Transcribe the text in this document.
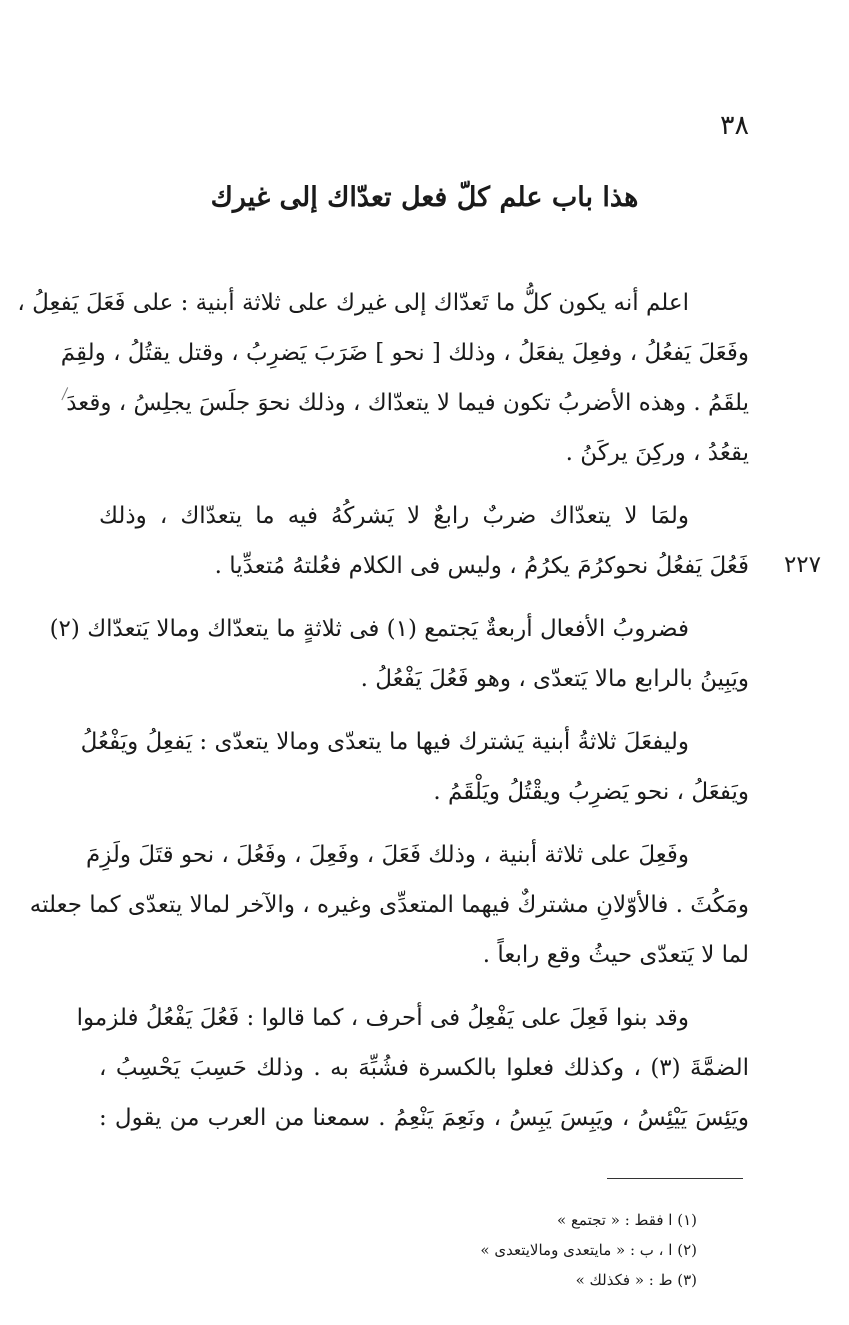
٣٨
هذا باب علم كلّ فعل تعدّاك إلى غيرك
٢٢٧

اعلم أنه يكون كلُّ ما تَعدّاك إلى غيرك على ثلاثة أبنية : على فَعَلَ يَفعِلُ ،
وفَعَلَ يَفعُلُ ، وفعِلَ يفعَلُ ، وذلك [ نحو ] ضَرَبَ يَضرِبُ ، وقتل يقتُلُ ، ولقِمَ
يلقَمُ . وهذه الأضربُ تكون فيما لا يتعدّاك ، وذلك نحوَ جلَسَ يجلِسُ ، وقعدَ
يقعُدُ ، وركِنَ يركَنُ .

ولمَا لا يتعدّاك ضربٌ رابعٌ لا يَشركُهُ فيه ما يتعدّاك ، وذلك
فَعُلَ يَفعُلُ نحوكرُمَ يكرُمُ ، وليس فى الكلام فعُلتهُ مُتعدِّيا .

فضروبُ الأفعال أربعةٌ يَجتمع (١) فى ثلاثةٍ ما يتعدّاك ومالا يَتعدّاك (٢)
ويَبِينُ بالرابع مالا يَتعدّى ، وهو فَعُلَ يَفْعُلُ .

وليفعَلَ ثلاثةُ أبنية يَشترك فيها ما يتعدّى ومالا يتعدّى : يَفعِلُ ويَفْعُلُ
ويَفعَلُ ، نحو يَضرِبُ ويقْتُلُ ويَلْقَمُ .

وفَعِلَ على ثلاثة أبنية ، وذلك فَعَلَ ، وفَعِلَ ، وفَعُلَ ، نحو قتَلَ ولَزِمَ
ومَكُثَ . فالأوّلانِ مشتركٌ فيهما المتعدِّى وغيره ، والآخر لمالا يتعدّى كما جعلته
لما لا يَتعدّى حيثُ وقع رابعاً .

وقد بنوا فَعِلَ على يَفْعِلُ فى أحرف ، كما قالوا : فَعُلَ يَفْعُلُ فلزموا
الضمَّةَ (٣) ، وكذلك فعلوا بالكسرة فشُبِّهَ به . وذلك حَسِبَ يَحْسِبُ ،
ويَئِسَ يَيْئِسُ ، ويَبِسَ يَبِسُ ، ونَعِمَ يَنْعِمُ . سمعنا من العرب من يقول :

(١) ا فقط : « تجتمع »
(٢) ا ، ب : « مايتعدى ومالايتعدى »
(٣) ط : « فكذلك »
